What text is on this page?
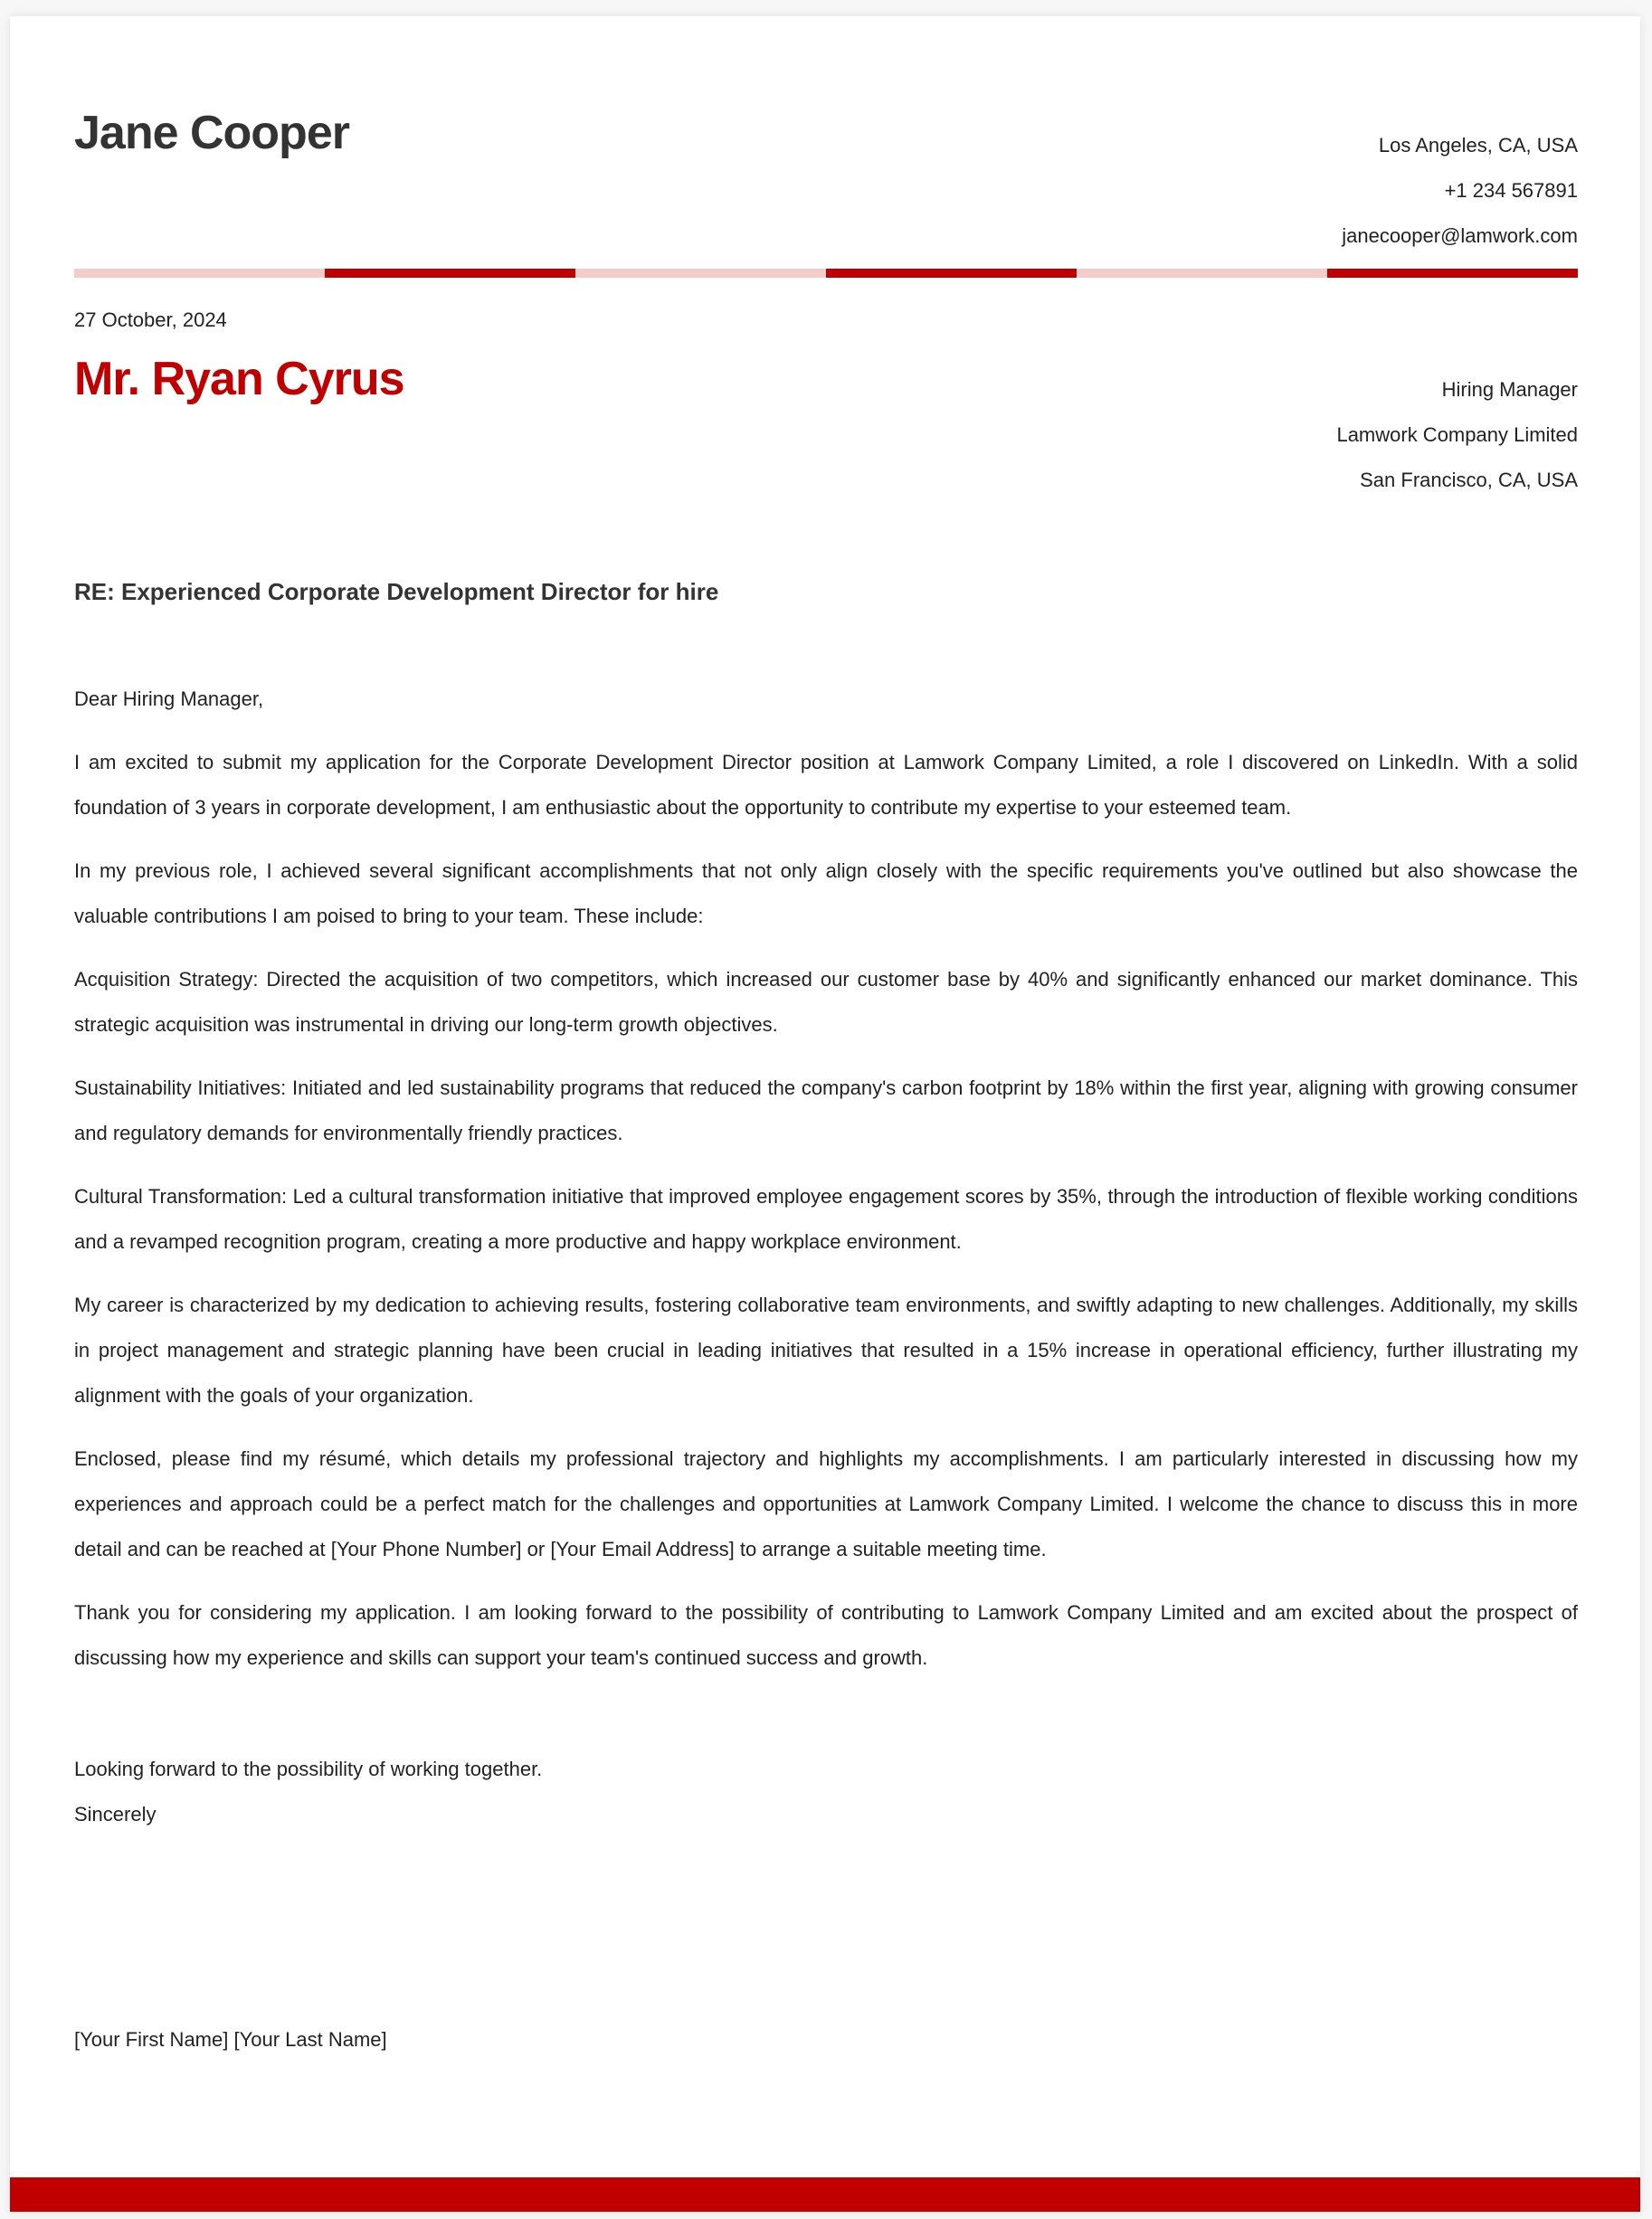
Jane Cooper	Los Angeles, CA, USA
+1 234 567891
janecooper@lamwork.com
27 October, 2024
Mr. Ryan Cyrus	Hiring Manager
Lamwork Company Limited
San Francisco, CA, USA
RE: Experienced Corporate Development Director for hire

Dear Hiring Manager,

I am excited to submit my application for the Corporate Development Director position at Lamwork Company Limited, a role I discovered on LinkedIn. With a solid foundation of 3 years in corporate development, I am enthusiastic about the opportunity to contribute my expertise to your esteemed team.

In my previous role, I achieved several significant accomplishments that not only align closely with the specific requirements you've outlined but also showcase the valuable contributions I am poised to bring to your team. These include:

Acquisition Strategy: Directed the acquisition of two competitors, which increased our customer base by 40% and significantly enhanced our market dominance. This strategic acquisition was instrumental in driving our long-term growth objectives.

Sustainability Initiatives: Initiated and led sustainability programs that reduced the company's carbon footprint by 18% within the first year, aligning with growing consumer and regulatory demands for environmentally friendly practices.

Cultural Transformation: Led a cultural transformation initiative that improved employee engagement scores by 35%, through the introduction of flexible working conditions and a revamped recognition program, creating a more productive and happy workplace environment.

My career is characterized by my dedication to achieving results, fostering collaborative team environments, and swiftly adapting to new challenges. Additionally, my skills in project management and strategic planning have been crucial in leading initiatives that resulted in a 15% increase in operational efficiency, further illustrating my alignment with the goals of your organization.

Enclosed, please find my résumé, which details my professional trajectory and highlights my accomplishments. I am particularly interested in discussing how my experiences and approach could be a perfect match for the challenges and opportunities at Lamwork Company Limited. I welcome the chance to discuss this in more detail and can be reached at [Your Phone Number] or [Your Email Address] to arrange a suitable meeting time.

Thank you for considering my application. I am looking forward to the possibility of contributing to Lamwork Company Limited and am excited about the prospect of discussing how my experience and skills can support your team's continued success and growth.

Looking forward to the possibility of working together.
Sincerely
[Your First Name] [Your Last Name]
